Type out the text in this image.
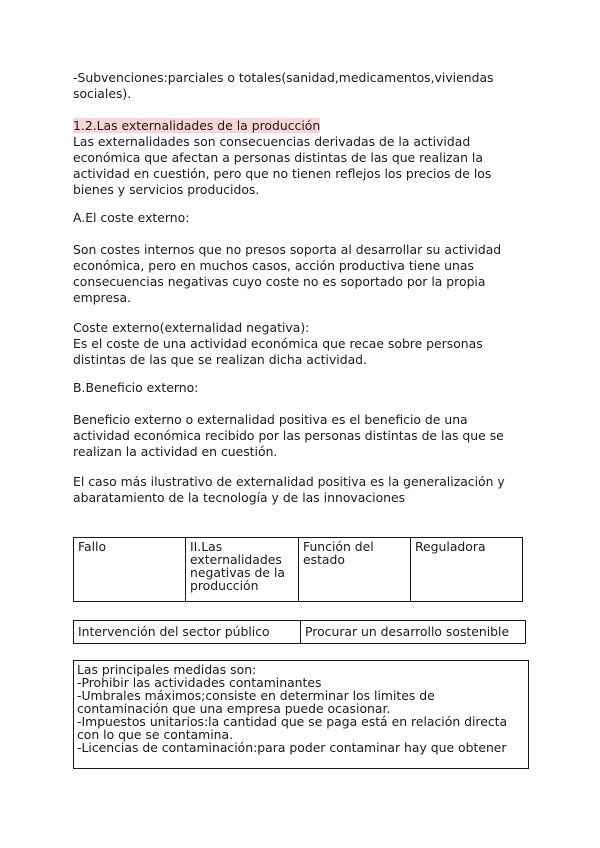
-Subvenciones:parciales o totales(sanidad,medicamentos,viviendas
sociales).
1.2.Las externalidades de la producción
Las externalidades son consecuencias derivadas de la actividad
económica que afectan a personas distintas de las que realizan la
actividad en cuestión, pero que no tienen reflejos los precios de los
bienes y servicios producidos.
A.El coste externo:
Son costes internos que no presos soporta al desarrollar su actividad
económica, pero en muchos casos, acción productiva tiene unas
consecuencias negativas cuyo coste no es soportado por la propia
empresa.
Coste externo(externalidad negativa):
Es el coste de una actividad económica que recae sobre personas
distintas de las que se realizan dicha actividad.
B.Beneficio externo:
Beneficio externo o externalidad positiva es el beneficio de una
actividad económica recibido por las personas distintas de las que se
realizan la actividad en cuestión.
El caso más ilustrativo de externalidad positiva es la generalización y
abaratamiento de la tecnología y de las innovaciones
Fallo	II.Las externalidades negativas de la producción	Función del estado	Reguladora
Intervención del sector público	Procurar un desarrollo sostenible
Las principales medidas son:
-Prohibir las actividades contaminantes
-Umbrales máximos;consiste en determinar los limites de
contaminación que una empresa puede ocasionar.
-Impuestos unitarios:la cantidad que se paga está en relación directa
con lo que se contamina.
-Licencias de contaminación:para poder contaminar hay que obtener
